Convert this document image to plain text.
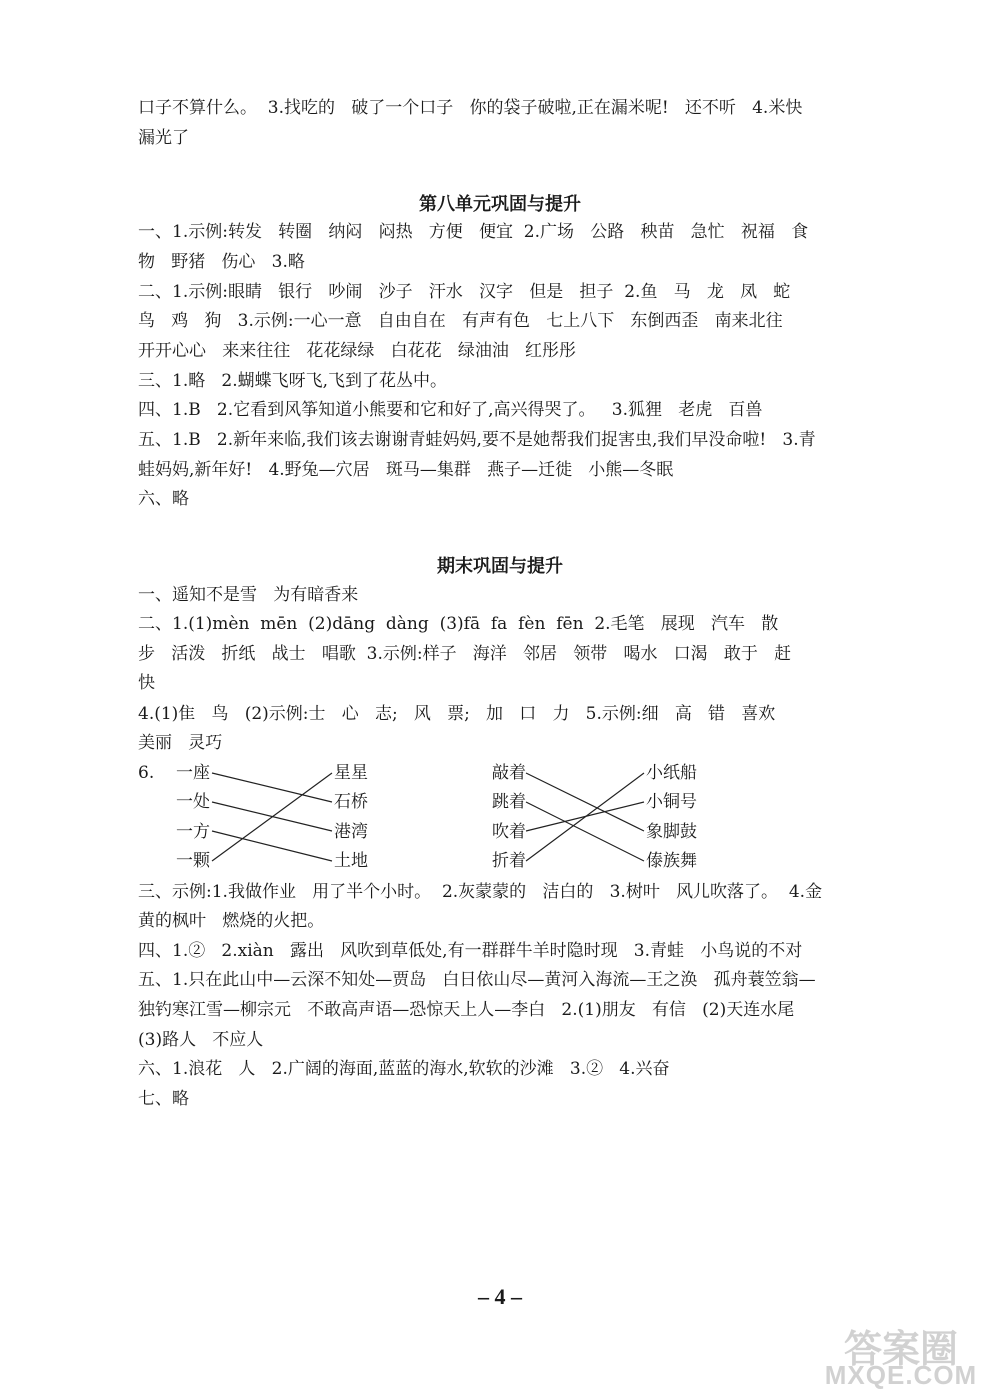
口子不算什么。  3.找吃的   破了一个口子   你的袋子破啦,正在漏米呢!   还不听   4.米快
漏光了
第八单元巩固与提升
一、1.示例:转发   转圈   纳闷   闷热   方便   便宜  2.广场   公路   秧苗   急忙   祝福   食
物   野猪   伤心   3.略
二、1.示例:眼睛   银行   吵闹   沙子   汗水   汉字   但是   担子  2.鱼   马   龙   凤   蛇
鸟   鸡   狗   3.示例:一心一意   自由自在   有声有色   七上八下   东倒西歪   南来北往
开开心心   来来往往   花花绿绿   白花花   绿油油   红彤彤
三、1.略   2.蝴蝶飞呀飞,飞到了花丛中。
四、1.B   2.它看到风筝知道小熊要和它和好了,高兴得哭了。   3.狐狸   老虎   百兽
五、1.B   2.新年来临,我们该去谢谢青蛙妈妈,要不是她帮我们捉害虫,我们早没命啦!   3.青
蛙妈妈,新年好!   4.野兔—穴居   斑马—集群   燕子—迁徙   小熊—冬眠
六、略
期末巩固与提升
一、遥知不是雪   为有暗香来
二、1.(1)mèn  mēn  (2)dāng  dàng  (3)fā  fa  fèn  fēn  2.毛笔   展现   汽车   散
步   活泼   折纸   战士   唱歌  3.示例:样子   海洋   邻居   领带   喝水   口渴   敢于   赶
快
4.(1)隹   鸟   (2)示例:士   心   志;   风   票;   加   口   力   5.示例:细   高   错   喜欢
美丽   灵巧
6. 一座
一处
一方
一颗
星星
石桥
港湾
土地
敲着
跳着
吹着
折着
小纸船
小铜号
象脚鼓
傣族舞
三、示例:1.我做作业   用了半个小时。  2.灰蒙蒙的   洁白的   3.树叶   风儿吹落了。  4.金
黄的枫叶   燃烧的火把。
四、1.②   2.xiàn   露出   风吹到草低处,有一群群牛羊时隐时现   3.青蛙   小鸟说的不对
五、1.只在此山中—云深不知处—贾岛   白日依山尽—黄河入海流—王之涣   孤舟蓑笠翁—
独钓寒江雪—柳宗元   不敢高声语—恐惊天上人—李白   2.(1)朋友   有信   (2)天连水尾
(3)路人   不应人
六、1.浪花   人   2.广阔的海面,蓝蓝的海水,软软的沙滩   3.②   4.兴奋
七、略
– 4 –
答案圈
MXQE.COM
